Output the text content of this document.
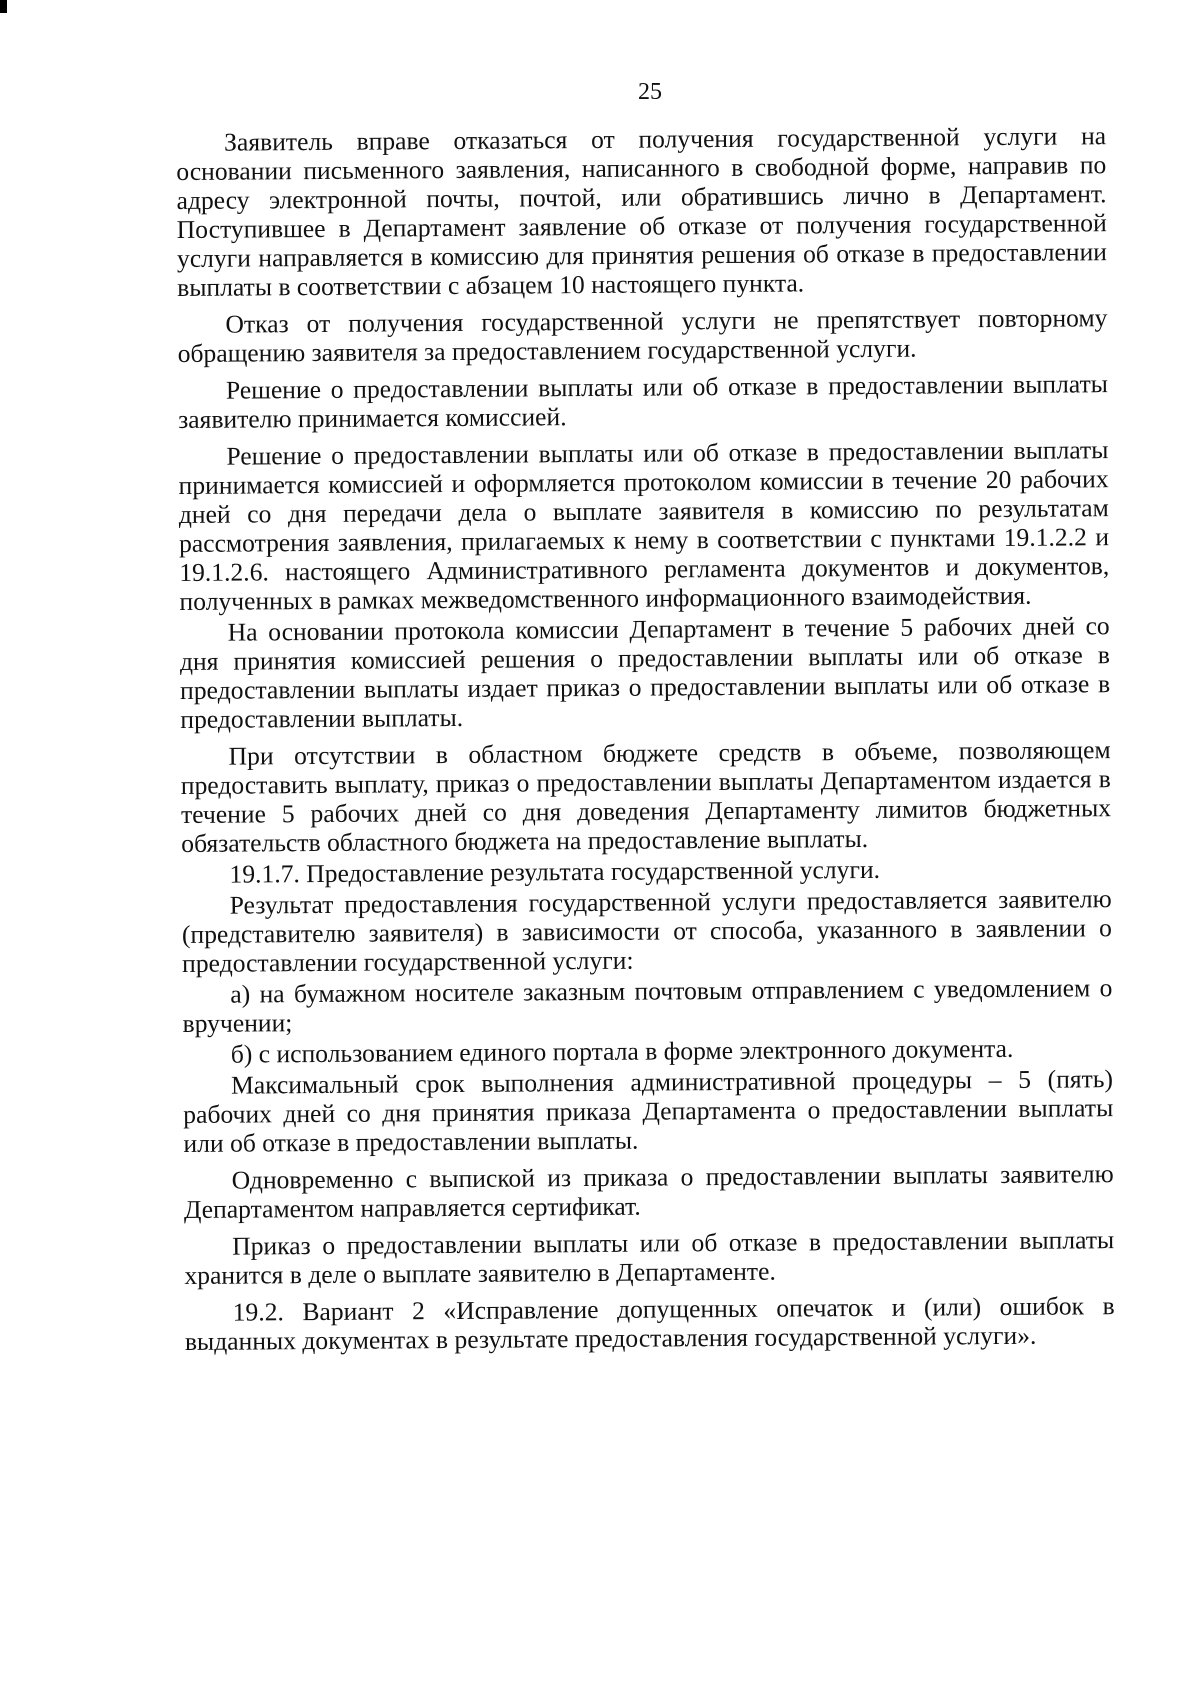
25

Заявитель вправе отказаться от получения государственной услуги на основании письменного заявления, написанного в свободной форме, направив по адресу электронной почты, почтой, или обратившись лично в Департамент. Поступившее в Департамент заявление об отказе от получения государственной услуги направляется в комиссию для принятия решения об отказе в предоставлении выплаты в соответствии с абзацем 10 настоящего пункта.

Отказ от получения государственной услуги не препятствует повторному обращению заявителя за предоставлением государственной услуги.

Решение о предоставлении выплаты или об отказе в предоставлении выплаты заявителю принимается комиссией.

Решение о предоставлении выплаты или об отказе в предоставлении выплаты принимается комиссией и оформляется протоколом комиссии в течение 20 рабочих дней со дня передачи дела о выплате заявителя в комиссию по результатам рассмотрения заявления, прилагаемых к нему в соответствии с пунктами 19.1.2.2 и 19.1.2.6. настоящего Административного регламента документов и документов, полученных в рамках межведомственного информационного взаимодействия.

На основании протокола комиссии Департамент в течение 5 рабочих дней со дня принятия комиссией решения о предоставлении выплаты или об отказе в предоставлении выплаты издает приказ о предоставлении выплаты или об отказе в предоставлении выплаты.

При отсутствии в областном бюджете средств в объеме, позволяющем предоставить выплату, приказ о предоставлении выплаты Департаментом издается в течение 5 рабочих дней со дня доведения Департаменту лимитов бюджетных обязательств областного бюджета на предоставление выплаты.

19.1.7. Предоставление результата государственной услуги.

Результат предоставления государственной услуги предоставляется заявителю (представителю заявителя) в зависимости от способа, указанного в заявлении о предоставлении государственной услуги:

а) на бумажном носителе заказным почтовым отправлением с уведомлением о вручении;

б) с использованием единого портала в форме электронного документа.

Максимальный срок выполнения административной процедуры – 5 (пять) рабочих дней со дня принятия приказа Департамента о предоставлении выплаты или об отказе в предоставлении выплаты.

Одновременно с выпиской из приказа о предоставлении выплаты заявителю Департаментом направляется сертификат.

Приказ о предоставлении выплаты или об отказе в предоставлении выплаты хранится в деле о выплате заявителю в Департаменте.

19.2. Вариант 2 «Исправление допущенных опечаток и (или) ошибок в выданных документах в результате предоставления государственной услуги».
